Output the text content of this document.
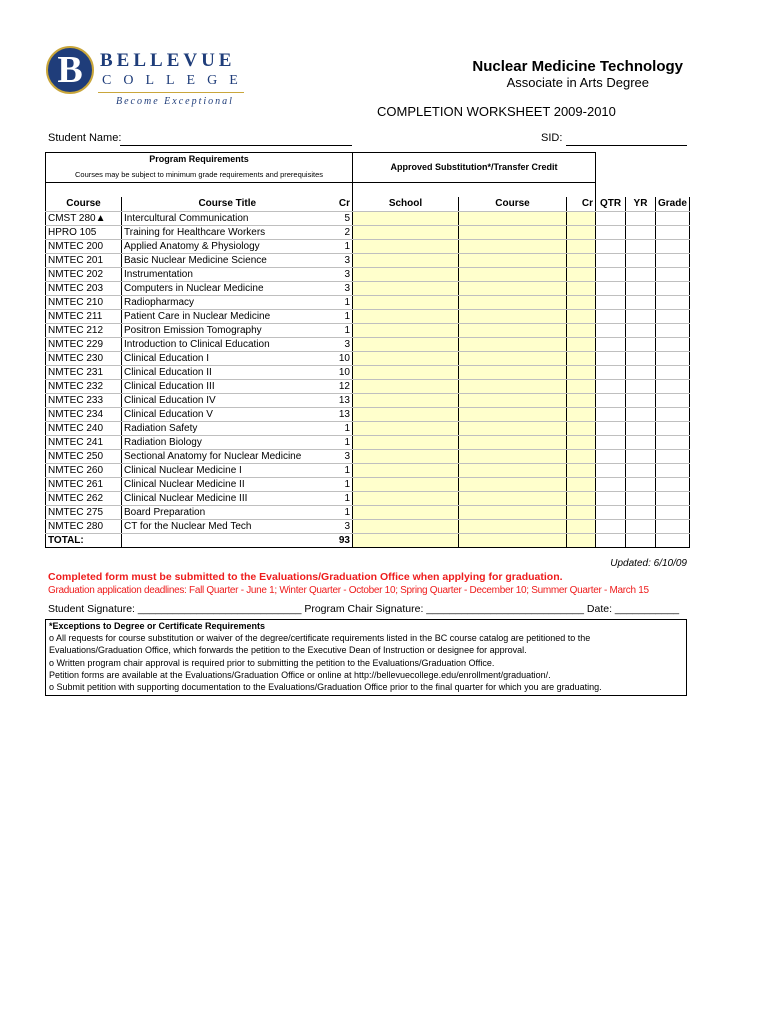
B BELLEVUE
COLLEGE
Become Exceptional
Nuclear Medicine Technology
Associate in Arts Degree
COMPLETION WORKSHEET 2009-2010
Student Name:	SID:
Program Requirements			Approved Substitution*/Transfer Credit					
Courses may be subject to minimum grade requirements and prerequisites								

Course	Course Title	Cr	School	Course	Cr	QTR	YR	Grade
CMST 280▲	Intercultural Communication	5						
HPRO 105	Training for Healthcare Workers	2						
NMTEC 200	Applied Anatomy & Physiology	1						
NMTEC 201	Basic Nuclear Medicine Science	3						
NMTEC 202	Instrumentation	3						
NMTEC 203	Computers in Nuclear Medicine	3						
NMTEC 210	Radiopharmacy	1						
NMTEC 211	Patient Care in Nuclear Medicine	1						
NMTEC 212	Positron Emission Tomography	1						
NMTEC 229	Introduction to Clinical Education	3						
NMTEC 230	Clinical Education I	10						
NMTEC 231	Clinical Education II	10						
NMTEC 232	Clinical Education III	12						
NMTEC 233	Clinical Education IV	13						
NMTEC 234	Clinical Education V	13						
NMTEC 240	Radiation Safety	1						
NMTEC 241	Radiation Biology	1						
NMTEC 250	Sectional Anatomy for Nuclear Medicine	3						
NMTEC 260	Clinical Nuclear Medicine I	1						
NMTEC 261	Clinical Nuclear Medicine II	1						
NMTEC 262	Clinical Nuclear Medicine III	1						
NMTEC 275	Board Preparation	1						
NMTEC 280	CT for the Nuclear Med Tech	3						
TOTAL:		93						
Updated: 6/10/09
Completed form must be submitted to the Evaluations/Graduation Office when applying for graduation.
Graduation application deadlines: Fall Quarter - June 1; Winter Quarter - October 10; Spring Quarter - December 10; Summer Quarter - March 15
Student Signature: ____________________________ Program Chair Signature: ___________________________ Date: ___________
*Exceptions to Degree or Certificate Requirements
o All requests for course substitution or waiver of the degree/certificate requirements listed in the BC course catalog are petitioned to the
Evaluations/Graduation Office, which forwards the petition to the Executive Dean of Instruction or designee for approval.
o Written program chair approval is required prior to submitting the petition to the Evaluations/Graduation Office.
Petition forms are available at the Evaluations/Graduation Office or online at http://bellevuecollege.edu/enrollment/graduation/.
o Submit petition with supporting documentation to the Evaluations/Graduation Office prior to the final quarter for which you are graduating.
